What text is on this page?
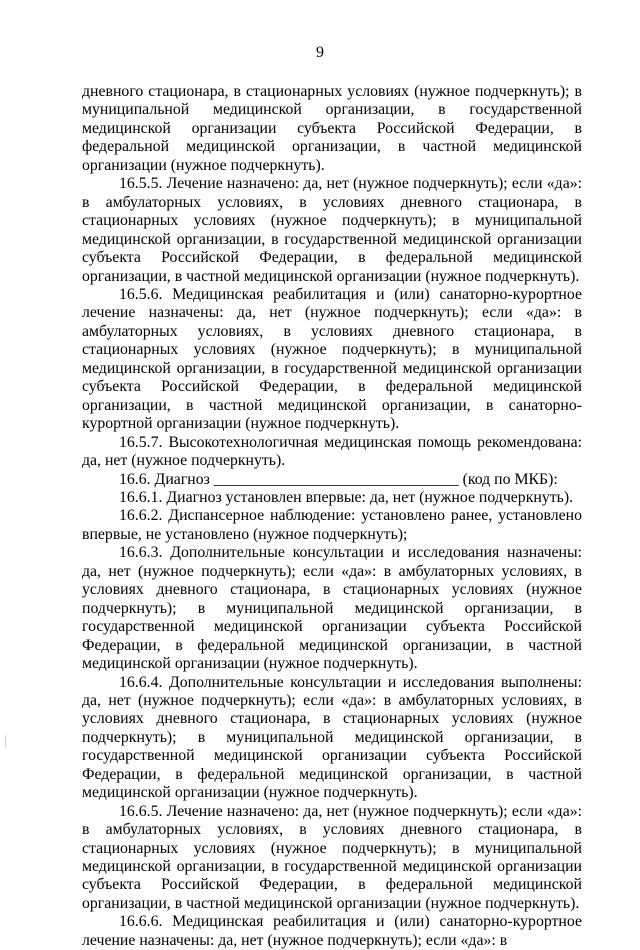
9

дневного стационара, в стационарных условиях (нужное подчеркнуть); в муниципальной медицинской организации, в государственной медицинской организации субъекта Российской Федерации, в федеральной медицинской организации, в частной медицинской организации (нужное подчеркнуть).

16.5.5. Лечение назначено: да, нет (нужное подчеркнуть); если «да»: в амбулаторных условиях, в условиях дневного стационара, в стационарных условиях (нужное подчеркнуть); в муниципальной медицинской организации, в государственной медицинской организации субъекта Российской Федерации, в федеральной медицинской организации, в частной медицинской организации (нужное подчеркнуть).

16.5.6. Медицинская реабилитация и (или) санаторно-курортное лечение назначены: да, нет (нужное подчеркнуть); если «да»: в амбулаторных условиях, в условиях дневного стационара, в стационарных условиях (нужное подчеркнуть); в муниципальной медицинской организации, в государственной медицинской организации субъекта Российской Федерации, в федеральной медицинской организации, в частной медицинской организации, в санаторно-курортной организации (нужное подчеркнуть).

16.5.7. Высокотехнологичная медицинская помощь рекомендована: да, нет (нужное подчеркнуть).

16.6. Диагноз _______________________________ (код по МКБ):

16.6.1. Диагноз установлен впервые: да, нет (нужное подчеркнуть).

16.6.2. Диспансерное наблюдение: установлено ранее, установлено впервые, не установлено (нужное подчеркнуть);

16.6.3. Дополнительные консультации и исследования назначены: да, нет (нужное подчеркнуть); если «да»: в амбулаторных условиях, в условиях дневного стационара, в стационарных условиях (нужное подчеркнуть); в муниципальной медицинской организации, в государственной медицинской организации субъекта Российской Федерации, в федеральной медицинской организации, в частной медицинской организации (нужное подчеркнуть).

16.6.4. Дополнительные консультации и исследования выполнены: да, нет (нужное подчеркнуть); если «да»: в амбулаторных условиях, в условиях дневного стационара, в стационарных условиях (нужное подчеркнуть); в муниципальной медицинской организации, в государственной медицинской организации субъекта Российской Федерации, в федеральной медицинской организации, в частной медицинской организации (нужное подчеркнуть).

16.6.5. Лечение назначено: да, нет (нужное подчеркнуть); если «да»: в амбулаторных условиях, в условиях дневного стационара, в стационарных условиях (нужное подчеркнуть); в муниципальной медицинской организации, в государственной медицинской организации субъекта Российской Федерации, в федеральной медицинской организации, в частной медицинской организации (нужное подчеркнуть).

16.6.6. Медицинская реабилитация и (или) санаторно-курортное лечение назначены: да, нет (нужное подчеркнуть); если «да»: в
